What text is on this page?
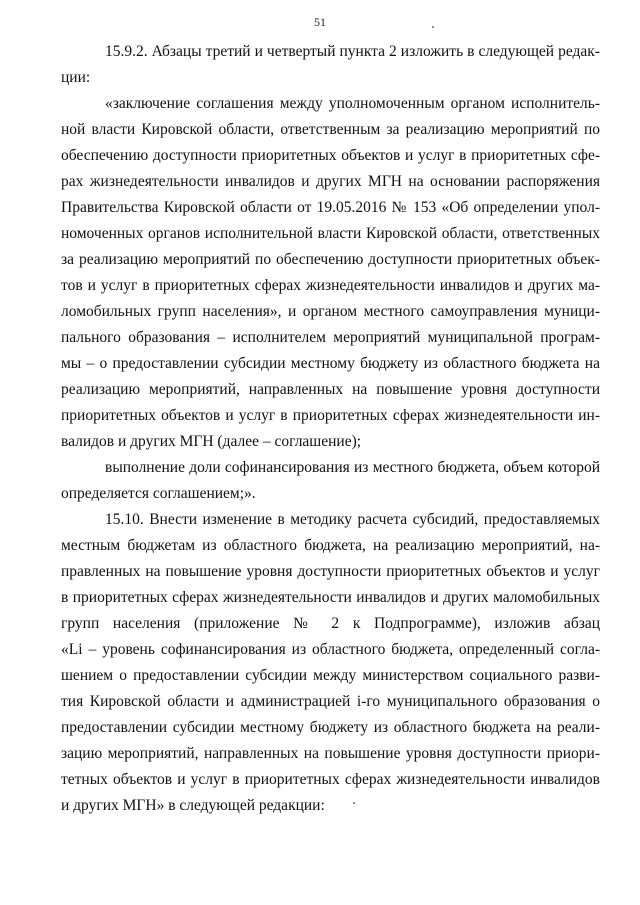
51
15.9.2. Абзацы третий и четвертый пункта 2 изложить в следующей редак-
ции:
«заключение соглашения между уполномоченным органом исполнитель-
ной власти Кировской области, ответственным за реализацию мероприятий по
обеспечению доступности приоритетных объектов и услуг в приоритетных сфе-
рах жизнедеятельности инвалидов и других МГН на основании распоряжения
Правительства Кировской области от 19.05.2016 № 153 «Об определении упол-
номоченных органов исполнительной власти Кировской области, ответственных
за реализацию мероприятий по обеспечению доступности приоритетных объек-
тов и услуг в приоритетных сферах жизнедеятельности инвалидов и других ма-
ломобильных групп населения», и органом местного самоуправления муници-
пального образования – исполнителем мероприятий муниципальной програм-
мы – о предоставлении субсидии местному бюджету из областного бюджета на
реализацию мероприятий, направленных на повышение уровня доступности
приоритетных объектов и услуг в приоритетных сферах жизнедеятельности ин-
валидов и других МГН (далее – соглашение);
выполнение доли софинансирования из местного бюджета, объем которой
определяется соглашением;».
15.10. Внести изменение в методику расчета субсидий, предоставляемых
местным бюджетам из областного бюджета, на реализацию мероприятий, на-
правленных на повышение уровня доступности приоритетных объектов и услуг
в приоритетных сферах жизнедеятельности инвалидов и других маломобильных
групп населения (приложение № 2 к Подпрограмме), изложив абзац
«Li – уровень софинансирования из областного бюджета, определенный согла-
шением о предоставлении субсидии между министерством социального разви-
тия Кировской области и администрацией i-го муниципального образования о
предоставлении субсидии местному бюджету из областного бюджета на реали-
зацию мероприятий, направленных на повышение уровня доступности приори-
тетных объектов и услуг в приоритетных сферах жизнедеятельности инвалидов
и других МГН» в следующей редакции:
